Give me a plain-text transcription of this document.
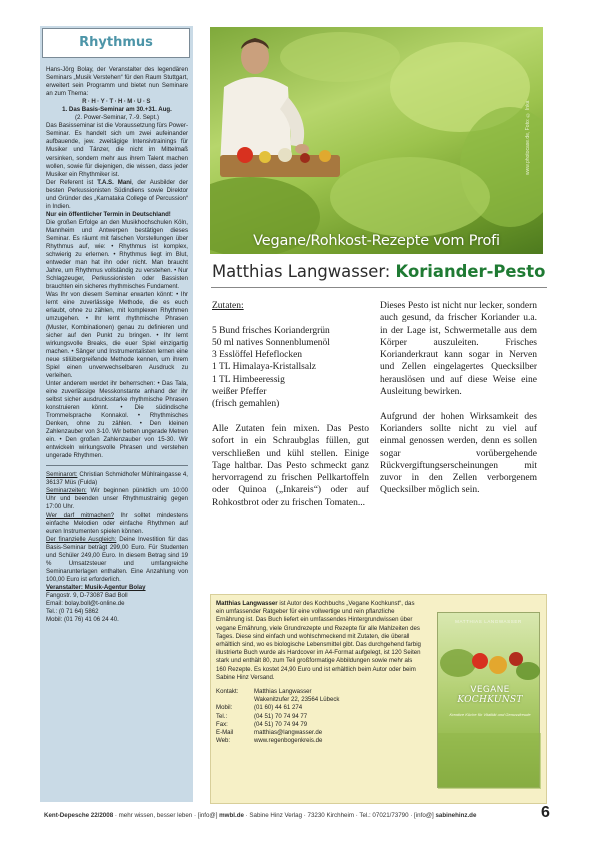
Rhythmus

Hans-Jörg Bolay, der Veranstalter des legendären Seminars „Musik Verstehen“ für den Raum Stuttgart, erweitert sein Programm und bietet nun Seminare an zum Thema:

R·H·Y·T·H·M·U·S

1. Das Basis-Seminar am 30.+31. Aug.

(2. Power-Seminar, 7.-9. Sept.)

Das Basisseminar ist die Voraussetzung fürs Power-Seminar. Es handelt sich um zwei aufeinander aufbauende, jew. zweitägige Intensivtrainings für Musiker und Tänzer, die nicht im Mittelmaß versinken, sondern mehr aus ihrem Talent machen wollen, sowie für diejenigen, die wissen, dass jeder Musiker ein Rhythmiker ist.

Der Referent ist T.A.S. Mani, der Ausbilder der besten Perkussionisten Südindiens sowie Direktor und Gründer des „Karnataka College of Percussion“ in Indien.

Nur ein öffentlicher Termin in Deutschland!

Die großen Erfolge an den Musikhochschulen Köln, Mannheim und Antwerpen bestätigen dieses Seminar. Es räumt mit falschen Vorstellungen über Rhythmus auf, wie: • Rhythmus ist komplex, schwierig zu erlernen. • Rhythmus liegt im Blut, entweder man hat ihn oder nicht. Man braucht Jahre, um Rhythmus vollständig zu verstehen. • Nur Schlagzeuger, Perkussionisten oder Bassisten brauchten ein sicheres rhythmisches Fundament.

Was Ihr von diesem Seminar erwarten könnt: • Ihr lernt eine zuverlässige Methode, die es euch erlaubt, ohne zu zählen, mit komplexen Rhythmen umzugehen. • Ihr lernt rhythmische Phrasen (Muster, Kombinationen) genau zu definieren und sicher auf den Punkt zu bringen. • Ihr lernt wirkungsvolle Breaks, die euer Spiel einzigartig machen. • Sänger und Instrumentalisten lernen eine neue stilübergreifende Methode kennen, um ihrem Spiel einen unverwechselbaren Ausdruck zu verleihen.

Unter anderem werdet ihr beherrschen: • Das Tala, eine zuverlässige Messkonstante anhand der ihr selbst sicher ausdrucksstarke rhythmische Phrasen konstruieren könnt. • Die südindische Trommelsprache Konnakol. • Rhythmisches Denken, ohne zu zählen. • Den kleinen Zahlenzauber von 3-10. Wir betten ungerade Metren ein. • Den großen Zahlenzauber von 15-30. Wir entwickeln wirkungsvolle Phrasen und verstehen ungerade Rhythmen.

Seminarort: Christian Schmidhofer Mühlraingasse 4, 36137 Müs (Fulda)

Seminarzeiten: Wir beginnen pünktlich um 10:00 Uhr und beenden unser Rhythmustrainig gegen 17:00 Uhr.

Wer darf mitmachen? Ihr solltet mindestens einfache Melodien oder einfache Rhythmen auf euren Instrumenten spielen können.

Der finanzielle Ausgleich: Deine Investition für das Basis-Seminar beträgt 299,00 Euro. Für Studenten und Schüler 249,00 Euro. In diesem Betrag sind 19 % Umsatzsteuer und umfangreiche Seminarunterlagen enthalten. Eine Anzahlung von 100,00 Euro ist erforderlich.

Veranstalter: Musik-Agentur Bolay

Fangostr. 9, D-73087 Bad Boll

Email: bolay.boll@t-online.de

Tel.: (0 71 64) 5862

Mobil: (01 76) 41 06 24 40.

www.photocase.de, Foto: © Inka
Vegane/Rohkost-Rezepte vom Profi
Matthias Langwasser: Koriander-Pesto

Zutaten:

5 Bund frisches Koriandergrün

50 ml natives Sonnenblumenöl

3 Esslöffel Hefeflocken

1 TL Himalaya-Kristallsalz

1 TL Himbeeressig

weißer Pfeffer

(frisch gemahlen)

Alle Zutaten fein mixen. Das Pesto sofort in ein Schraubglas füllen, gut verschließen und kühl stellen. Einige Tage haltbar. Das Pesto schmeckt ganz hervorragend zu frischen Pellkartoffeln oder Quinoa („Inkareis“) oder auf Rohkostbrot oder zu frischen Tomaten...

Dieses Pesto ist nicht nur lecker, sondern auch gesund, da frischer Koriander u.a. in der Lage ist, Schwermetalle aus dem Körper auszuleiten. Frisches Korianderkraut kann sogar in Nerven und Zellen eingelagertes Quecksilber herauslösen und auf diese Weise eine Ausleitung bewirken.

Aufgrund der hohen Wirksamkeit des Korianders sollte nicht zu viel auf einmal genossen werden, denn es sollen sogar vorübergehende Rückvergiftungserscheinungen mit zuvor in den Zellen verborgenem Quecksilber möglich sein.

Matthias Langwasser ist Autor des Kochbuchs „Vegane Kochkunst“, das ein umfassender Ratgeber für eine vollwertige und rein pflanzliche Ernährung ist. Das Buch liefert ein umfassendes Hintergrundwissen über vegane Ernährung, viele Grundrezepte und Rezepte für alle Mahlzeiten des Tages. Diese sind einfach und wohlschmeckend mit Zutaten, die überall erhältlich sind, wo es biologische Lebensmittel gibt. Das durchgehend farbig illustrierte Buch wurde als Hardcover im A4-Format aufgelegt, ist 120 Seiten stark und enthält 80, zum Teil großformatige Abbildungen sowie mehr als 160 Rezepte. Es kostet 24,90 Euro und ist erhältlich beim Autor oder beim Sabine Hinz Versand.

Kontakt:	Matthias Langwasser
Wakenitzufer 22, 23564 Lübeck
Mobil:	(01 60) 44 61 274
Tel.:	(04 51) 70 74 94 77
Fax:	(04 51) 70 74 94 79
E-Mail	matthias@langwasser.de
Web:	www.regenbogenkreis.de
MATTHIAS LANGWASSER
VEGANE KOCHKUNST
Kreative Küche für Vitalität und Genussfreude
Kent-Depesche 22/2008 · mehr wissen, besser leben · [info@] mwbl.de · Sabine Hinz Verlag · 73230 Kirchheim · Tel.: 07021/73790 · [info@] sabinehinz.de	6
